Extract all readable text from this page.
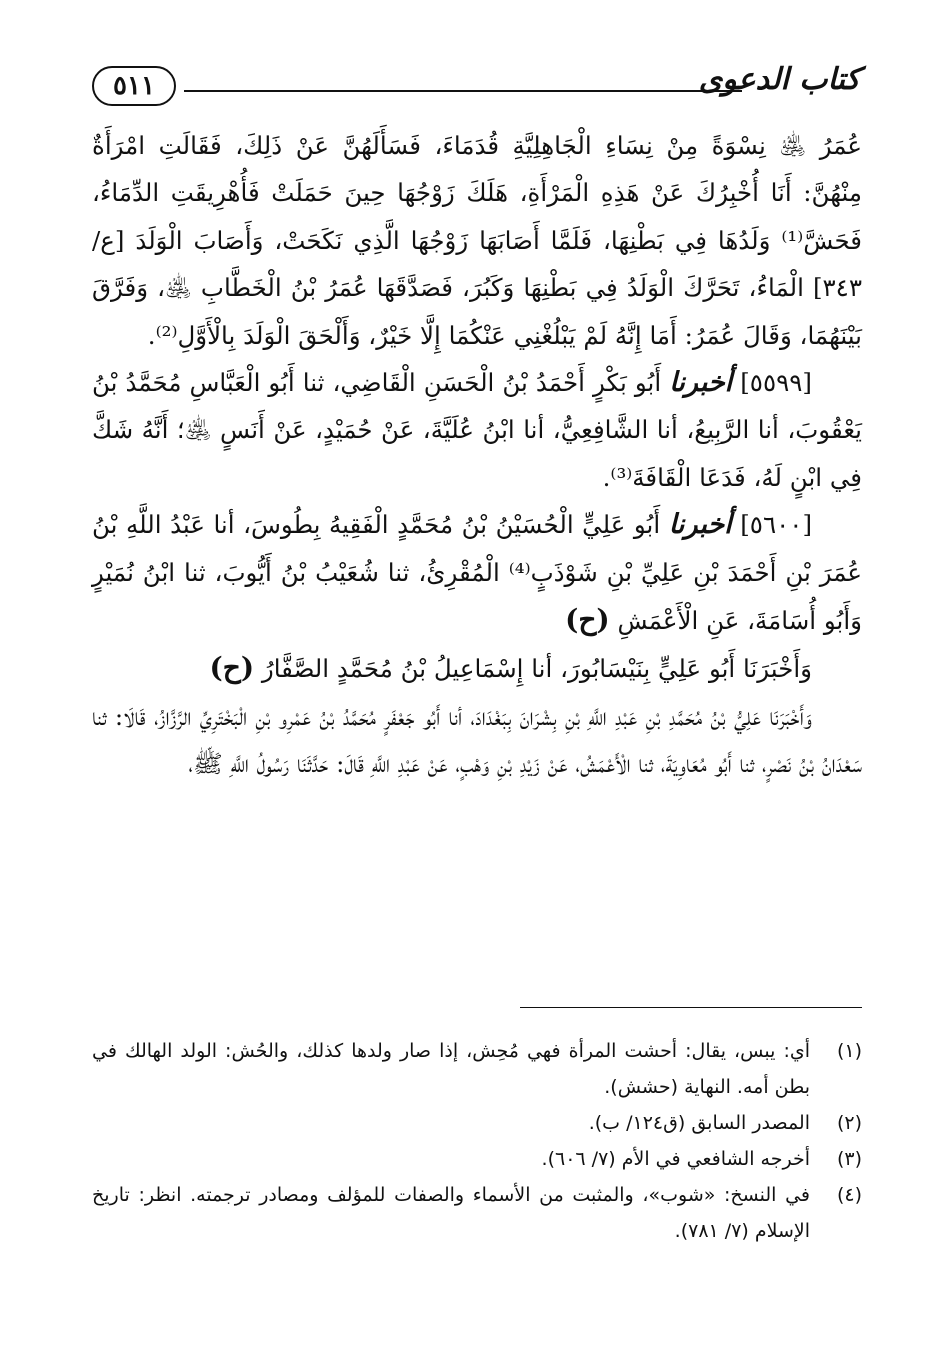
٥١١	كتاب الدعوى

عُمَرُ ﵁ نِسْوَةً مِنْ نِسَاءِ الْجَاهِلِيَّةِ قُدَمَاءَ، فَسَأَلَهُنَّ عَنْ ذَلِكَ، فَقَالَتِ امْرَأَةٌ مِنْهُنَّ: أَنَا أُخْبِرُكَ عَنْ هَذِهِ الْمَرْأَةِ، هَلَكَ زَوْجُهَا حِينَ حَمَلَتْ فَأُهْرِيقَتِ الدِّمَاءُ، فَحَشَّ⁽¹⁾ وَلَدُهَا فِي بَطْنِهَا، فَلَمَّا أَصَابَهَا زَوْجُهَا الَّذِي نَكَحَتْ، وَأَصَابَ الْوَلَدَ [ع/٣٤٣] الْمَاءُ، تَحَرَّكَ الْوَلَدُ فِي بَطْنِهَا وَكَبُرَ، فَصَدَّقَهَا عُمَرُ بْنُ الْخَطَّابِ ﵁، وَفَرَّقَ بَيْنَهُمَا، وَقَالَ عُمَرُ: أَمَا إِنَّهُ لَمْ يَبْلُغْنِي عَنْكُمَا إِلَّا خَيْرٌ، وَأَلْحَقَ الْوَلَدَ بِالْأَوَّلِ⁽²⁾.

[٥٥٩٩] أخبرنا أَبُو بَكْرٍ أَحْمَدُ بْنُ الْحَسَنِ الْقَاضِي، ثنا أَبُو الْعَبَّاسِ مُحَمَّدُ بْنُ يَعْقُوبَ، أنا الرَّبِيعُ، أنا الشَّافِعِيُّ، أنا ابْنُ عُلَيَّةَ، عَنْ حُمَيْدٍ، عَنْ أَنَسٍ ﵁؛ أَنَّهُ شَكَّ فِي ابْنٍ لَهُ، فَدَعَا الْقَافَةَ⁽³⁾.

[٥٦٠٠] أخبرنا أَبُو عَلِيٍّ الْحُسَيْنُ بْنُ مُحَمَّدٍ الْفَقِيهُ بِطُوسَ، أنا عَبْدُ اللَّهِ بْنُ عُمَرَ بْنِ أَحْمَدَ بْنِ عَلِيِّ بْنِ شَوْذَبٍ⁽⁴⁾ الْمُقْرِئُ، ثنا شُعَيْبُ بْنُ أَيُّوبَ، ثنا ابْنُ نُمَيْرٍ وَأَبُو أُسَامَةَ، عَنِ الْأَعْمَشِ (ح)

وَأَخْبَرَنَا أَبُو عَلِيٍّ بِنَيْسَابُورَ، أنا إِسْمَاعِيلُ بْنُ مُحَمَّدٍ الصَّفَّارُ (ح)

وَأَخْبَرَنَا عَلِيُّ بْنُ مُحَمَّدِ بْنِ عَبْدِ اللَّهِ بْنِ بِشْرَانَ بِبَغْدَادَ، أنا أَبُو جَعْفَرٍ مُحَمَّدُ بْنُ عَمْرِو بْنِ الْبَخْتَرِيِّ الرَّزَّازُ، قَالَا: ثنا سَعْدَانُ بْنُ نَصْرٍ، ثنا أَبُو مُعَاوِيَةَ، ثنا الْأَعْمَشُ، عَنْ زَيْدِ بْنِ وَهْبٍ، عَنْ عَبْدِ اللَّهِ قَالَ: حَدَّثَنَا رَسُولُ اللَّهِ ﷺ،

(١)
أي: يبس، يقال: أحشت المرأة فهي مُحِش، إذا صار ولدها كذلك، والحُش: الولد الهالك في بطن أمه. النهاية (حشش).
(٢)
المصدر السابق (ق١٢٤/ ب).
(٣)
أخرجه الشافعي في الأم (٧/ ٦٠٦).
(٤)
في النسخ: «شوب»، والمثبت من الأسماء والصفات للمؤلف ومصادر ترجمته. انظر: تاريخ الإسلام (٧/ ٧٨١).
